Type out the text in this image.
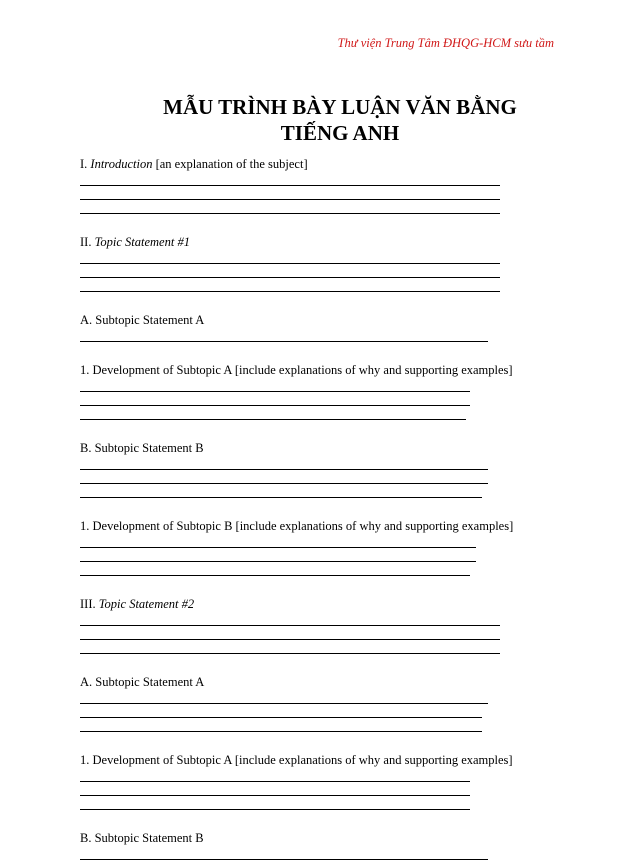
Thư viện Trung Tâm ĐHQG-HCM sưu tầm
MẪU TRÌNH BÀY LUẬN VĂN BẰNG
TIẾNG ANH
I. Introduction [an explanation of the subject]
II. Topic Statement #1
A. Subtopic Statement A
1. Development of Subtopic A [include explanations of why and supporting examples]
B. Subtopic Statement B
1. Development of Subtopic B [include explanations of why and supporting examples]
III. Topic Statement #2
A. Subtopic Statement A
1. Development of Subtopic A [include explanations of why and supporting examples]
B. Subtopic Statement B
